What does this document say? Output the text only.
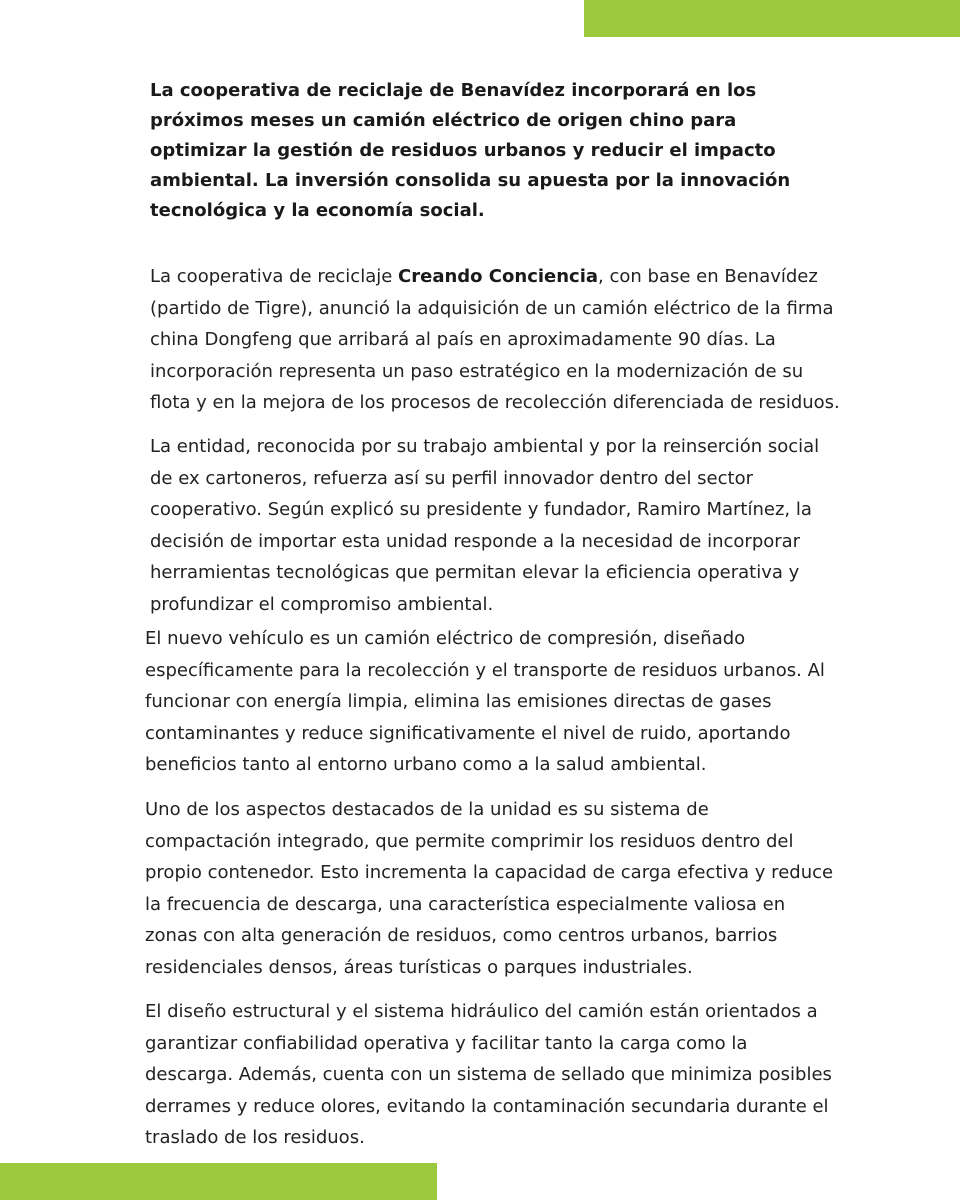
La cooperativa de reciclaje de Benavídez incorporará en los próximos meses un camión eléctrico de origen chino para optimizar la gestión de residuos urbanos y reducir el impacto ambiental. La inversión consolida su apuesta por la innovación tecnológica y la economía social.

La cooperativa de reciclaje Creando Conciencia, con base en Benavídez (partido de Tigre), anunció la adquisición de un camión eléctrico de la firma china Dongfeng que arribará al país en aproximadamente 90 días. La incorporación representa un paso estratégico en la modernización de su flota y en la mejora de los procesos de recolección diferenciada de residuos.

La entidad, reconocida por su trabajo ambiental y por la reinserción social de ex cartoneros, refuerza así su perfil innovador dentro del sector cooperativo. Según explicó su presidente y fundador, Ramiro Martínez, la decisión de importar esta unidad responde a la necesidad de incorporar herramientas tecnológicas que permitan elevar la eficiencia operativa y profundizar el compromiso ambiental.

El nuevo vehículo es un camión eléctrico de compresión, diseñado específicamente para la recolección y el transporte de residuos urbanos. Al funcionar con energía limpia, elimina las emisiones directas de gases contaminantes y reduce significativamente el nivel de ruido, aportando beneficios tanto al entorno urbano como a la salud ambiental.

Uno de los aspectos destacados de la unidad es su sistema de compactación integrado, que permite comprimir los residuos dentro del propio contenedor. Esto incrementa la capacidad de carga efectiva y reduce la frecuencia de descarga, una característica especialmente valiosa en zonas con alta generación de residuos, como centros urbanos, barrios residenciales densos, áreas turísticas o parques industriales.

El diseño estructural y el sistema hidráulico del camión están orientados a garantizar confiabilidad operativa y facilitar tanto la carga como la descarga. Además, cuenta con un sistema de sellado que minimiza posibles derrames y reduce olores, evitando la contaminación secundaria durante el traslado de los residuos.
